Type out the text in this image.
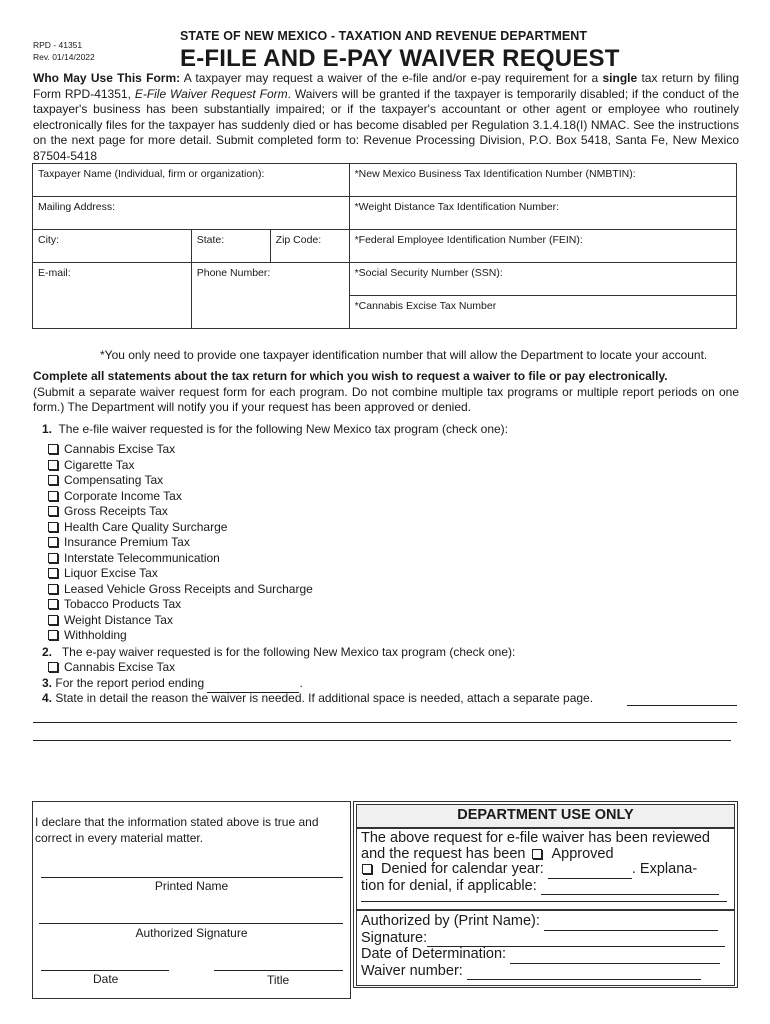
RPD - 41351
Rev. 01/14/2022
STATE OF NEW MEXICO - TAXATION AND REVENUE DEPARTMENT
E-FILE AND E-PAY WAIVER REQUEST
Who May Use This Form: A taxpayer may request a waiver of the e-file and/or e-pay requirement for a single tax return by filing Form RPD-41351, E-File Waiver Request Form. Waivers will be granted if the taxpayer is temporarily disabled; if the conduct of the taxpayer's business has been substantially impaired; or if the taxpayer's accountant or other agent or employee who routinely electronically files for the taxpayer has suddenly died or has become disabled per Regulation 3.1.4.18(I) NMAC. See the instructions on the next page for more detail. Submit completed form to: Revenue Processing Division, P.O. Box 5418, Santa Fe, New Mexico 87504-5418
Taxpayer Name (Individual, firm or organization):			*New Mexico Business Tax Identification Number (NMBTIN):
Mailing Address:			*Weight Distance Tax Identification Number:
City:	State:	Zip Code:	*Federal Employee Identification Number (FEIN):
E-mail:	Phone Number:		*Social Security Number (SSN):
			*Cannabis Excise Tax Number
*You only need to provide one taxpayer identification number that will allow the Department to locate your account.
Complete all statements about the tax return for which you wish to request a waiver to file or pay electronically.
(Submit a separate waiver request form for each program. Do not combine multiple tax programs or multiple report periods on one form.) The Department will notify you if your request has been approved or denied.
1. The e-file waiver requested is for the following New Mexico tax program (check one):
Cannabis Excise Tax
Cigarette Tax
Compensating Tax
Corporate Income Tax
Gross Receipts Tax
Health Care Quality Surcharge
Insurance Premium Tax
Interstate Telecommunication
Liquor Excise Tax
Leased Vehicle Gross Receipts and Surcharge
Tobacco Products Tax
Weight Distance Tax
Withholding
2. The e-pay waiver requested is for the following New Mexico tax program (check one):
Cannabis Excise Tax
3. For the report period ending	.
4. State in detail the reason the waiver is needed. If additional space is needed, attach a separate page.
I declare that the information stated above is true and correct in every material matter.
Printed Name
Authorized Signature
Date	Title
DEPARTMENT USE ONLY
The above request for e-file waiver has been reviewed
and the request has been Approved
Denied for calendar year:	. Explana-
tion for denial, if applicable:
Authorized by (Print Name):
Signature:
Date of Determination:
Waiver number:
